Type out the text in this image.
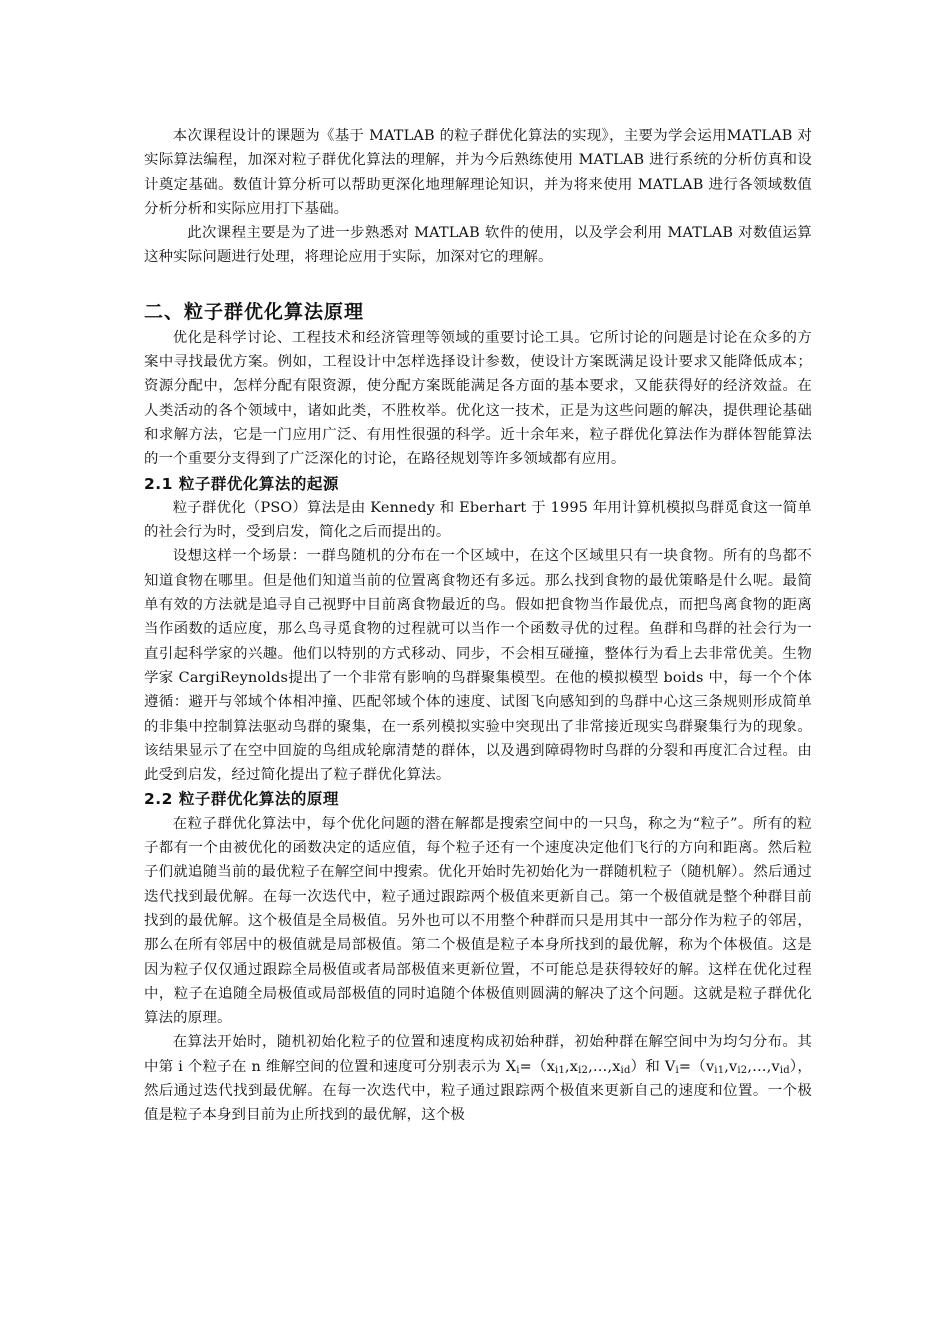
本次课程设计的课题为《基于 MATLAB 的粒子群优化算法的实现》，主要为学会运用MATLAB 对实际算法编程，加深对粒子群优化算法的理解，并为今后熟练使用 MATLAB 进行系统的分析仿真和设计奠定基础。数值计算分析可以帮助更深化地理解理论知识，并为将来使用 MATLAB 进行各领域数值分析分析和实际应用打下基础。

此次课程主要是为了进一步熟悉对 MATLAB 软件的使用，以及学会利用 MATLAB 对数值运算这种实际问题进行处理，将理论应用于实际，加深对它的理解。

二、粒子群优化算法原理

优化是科学讨论、工程技术和经济管理等领域的重要讨论工具。它所讨论的问题是讨论在众多的方案中寻找最优方案。例如，工程设计中怎样选择设计参数，使设计方案既满足设计要求又能降低成本；资源分配中，怎样分配有限资源，使分配方案既能满足各方面的基本要求，又能获得好的经济效益。在人类活动的各个领域中，诸如此类，不胜枚举。优化这一技术，正是为这些问题的解决，提供理论基础和求解方法，它是一门应用广泛、有用性很强的科学。近十余年来，粒子群优化算法作为群体智能算法的一个重要分支得到了广泛深化的讨论，在路径规划等许多领域都有应用。

2.1 粒子群优化算法的起源

粒子群优化（PSO）算法是由 Kennedy 和 Eberhart 于 1995 年用计算机模拟鸟群觅食这一简单的社会行为时，受到启发，简化之后而提出的。

设想这样一个场景：一群鸟随机的分布在一个区域中，在这个区域里只有一块食物。所有的鸟都不知道食物在哪里。但是他们知道当前的位置离食物还有多远。那么找到食物的最优策略是什么呢。最简单有效的方法就是追寻自己视野中目前离食物最近的鸟。假如把食物当作最优点，而把鸟离食物的距离当作函数的适应度，那么鸟寻觅食物的过程就可以当作一个函数寻优的过程。鱼群和鸟群的社会行为一直引起科学家的兴趣。他们以特别的方式移动、同步，不会相互碰撞，整体行为看上去非常优美。生物学家 CargiReynolds提出了一个非常有影响的鸟群聚集模型。在他的模拟模型 boids 中，每一个个体遵循：避开与邻域个体相冲撞、匹配邻域个体的速度、试图飞向感知到的鸟群中心这三条规则形成简单的非集中控制算法驱动鸟群的聚集，在一系列模拟实验中突现出了非常接近现实鸟群聚集行为的现象。该结果显示了在空中回旋的鸟组成轮廓清楚的群体，以及遇到障碍物时鸟群的分裂和再度汇合过程。由此受到启发，经过简化提出了粒子群优化算法。

2.2 粒子群优化算法的原理

在粒子群优化算法中，每个优化问题的潜在解都是搜索空间中的一只鸟，称之为“粒子”。所有的粒子都有一个由被优化的函数决定的适应值，每个粒子还有一个速度决定他们飞行的方向和距离。然后粒子们就追随当前的最优粒子在解空间中搜索。优化开始时先初始化为一群随机粒子（随机解）。然后通过迭代找到最优解。在每一次迭代中，粒子通过跟踪两个极值来更新自己。第一个极值就是整个种群目前找到的最优解。这个极值是全局极值。另外也可以不用整个种群而只是用其中一部分作为粒子的邻居，那么在所有邻居中的极值就是局部极值。第二个极值是粒子本身所找到的最优解，称为个体极值。这是因为粒子仅仅通过跟踪全局极值或者局部极值来更新位置，不可能总是获得较好的解。这样在优化过程中，粒子在追随全局极值或局部极值的同时追随个体极值则圆满的解决了这个问题。这就是粒子群优化算法的原理。

在算法开始时，随机初始化粒子的位置和速度构成初始种群，初始种群在解空间中为均匀分布。其中第 i 个粒子在 n 维解空间的位置和速度可分别表示为 $X_i=(x_{i1},x_{i2},\dots,x_{id})$和 $V_i=(v_{i1},v_{i2},\dots,v_{id})$，然后通过迭代找到最优解。在每一次迭代中，粒子通过跟踪两个极值来更新自己的速度和位置。一个极值是粒子本身到目前为止所找到的最优解，这个极
